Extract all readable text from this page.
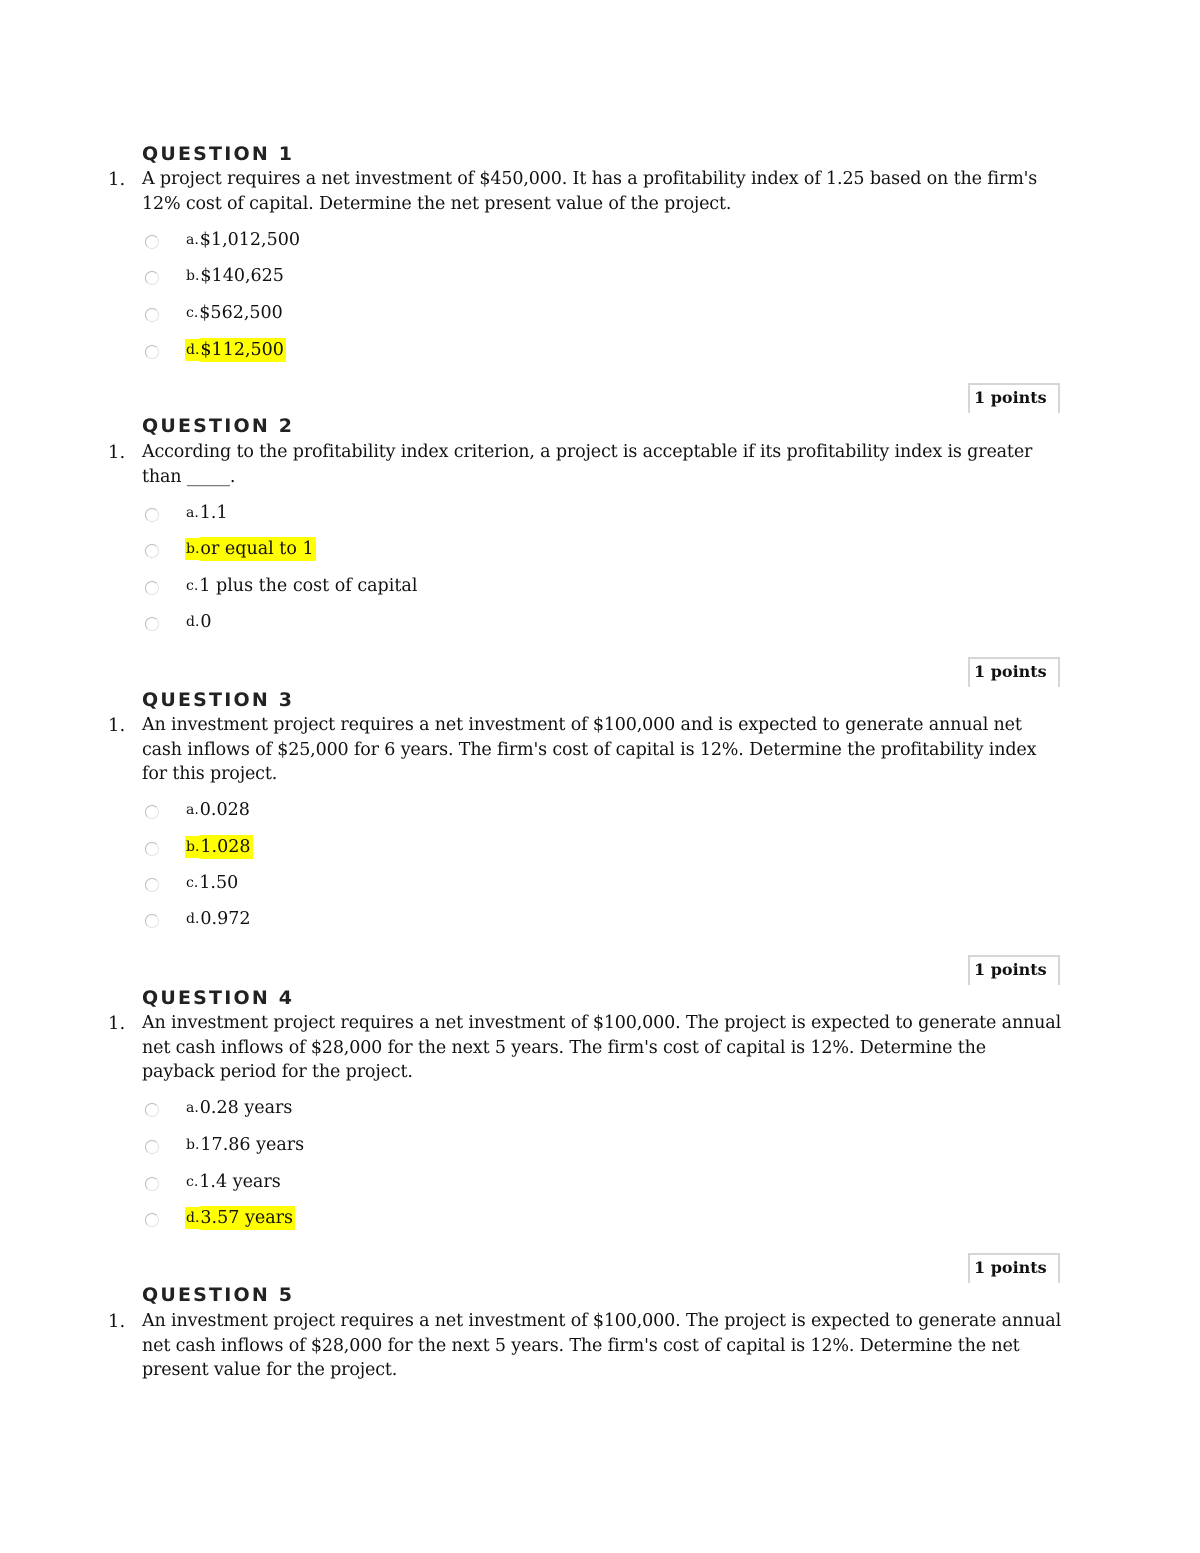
QUESTION 1
1. A project requires a net investment of $450,000. It has a profitability index of 1.25 based on the firm's 12% cost of capital. Determine the net present value of the project.
a. $1,012,500
b. $140,625
c. $562,500
d. $112,500
1 points
QUESTION 2
1. According to the profitability index criterion, a project is acceptable if its profitability index is greater than _____.
a. 1.1
b. or equal to 1
c. 1 plus the cost of capital
d. 0
1 points
QUESTION 3
1. An investment project requires a net investment of $100,000 and is expected to generate annual net cash inflows of $25,000 for 6 years. The firm's cost of capital is 12%. Determine the profitability index for this project.
a. 0.028
b. 1.028
c. 1.50
d. 0.972
1 points
QUESTION 4
1. An investment project requires a net investment of $100,000. The project is expected to generate annual net cash inflows of $28,000 for the next 5 years. The firm's cost of capital is 12%. Determine the payback period for the project.
a. 0.28 years
b. 17.86 years
c. 1.4 years
d. 3.57 years
1 points
QUESTION 5
1. An investment project requires a net investment of $100,000. The project is expected to generate annual net cash inflows of $28,000 for the next 5 years. The firm's cost of capital is 12%. Determine the net present value for the project.
